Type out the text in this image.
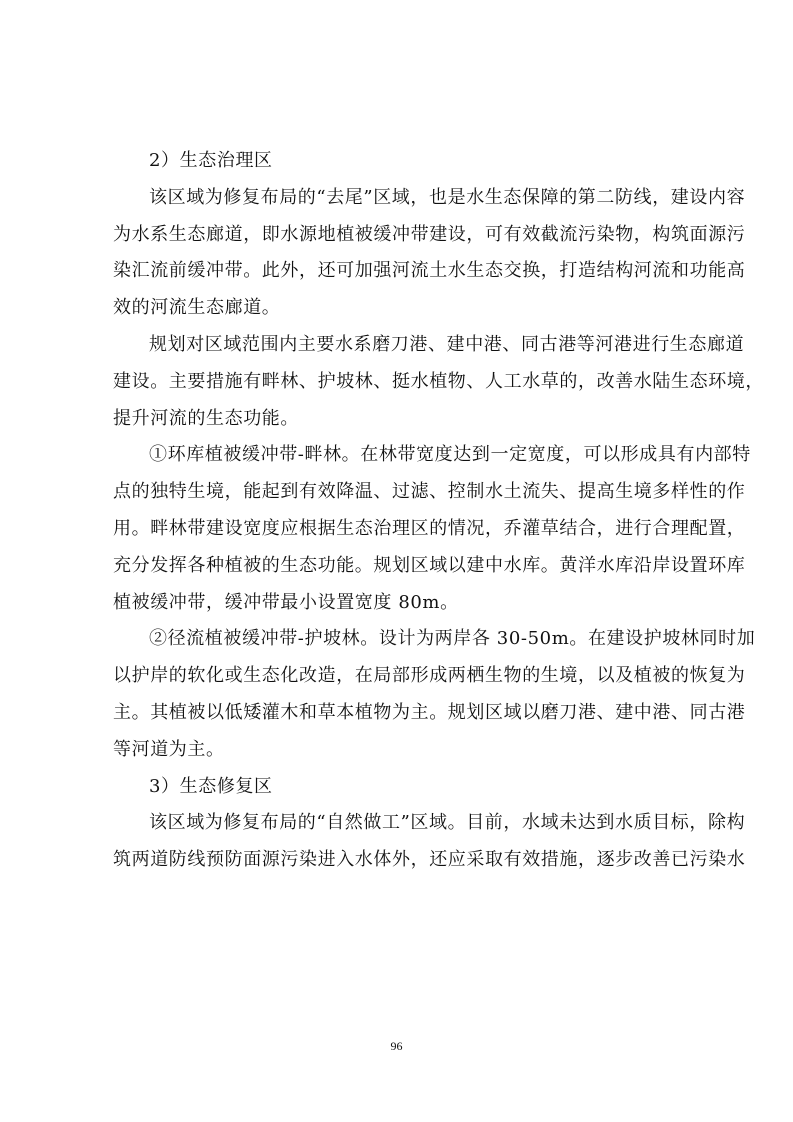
2）生态治理区
该区域为修复布局的“去尾”区域，也是水生态保障的第二防线，建设内容
为水系生态廊道，即水源地植被缓冲带建设，可有效截流污染物，构筑面源污
染汇流前缓冲带。此外，还可加强河流土水生态交换，打造结构河流和功能高
效的河流生态廊道。
规划对区域范围内主要水系磨刀港、建中港、同古港等河港进行生态廊道
建设。主要措施有畔林、护坡林、挺水植物、人工水草的，改善水陆生态环境，
提升河流的生态功能。
①环库植被缓冲带-畔林。在林带宽度达到一定宽度，可以形成具有内部特
点的独特生境，能起到有效降温、过滤、控制水土流失、提高生境多样性的作
用。畔林带建设宽度应根据生态治理区的情况，乔灌草结合，进行合理配置，
充分发挥各种植被的生态功能。规划区域以建中水库。黄洋水库沿岸设置环库
植被缓冲带，缓冲带最小设置宽度 80m。
②径流植被缓冲带-护坡林。设计为两岸各 30-50m。在建设护坡林同时加
以护岸的软化或生态化改造，在局部形成两栖生物的生境，以及植被的恢复为
主。其植被以低矮灌木和草本植物为主。规划区域以磨刀港、建中港、同古港
等河道为主。
3）生态修复区
该区域为修复布局的“自然做工”区域。目前，水域未达到水质目标，除构
筑两道防线预防面源污染进入水体外，还应采取有效措施，逐步改善已污染水
96
